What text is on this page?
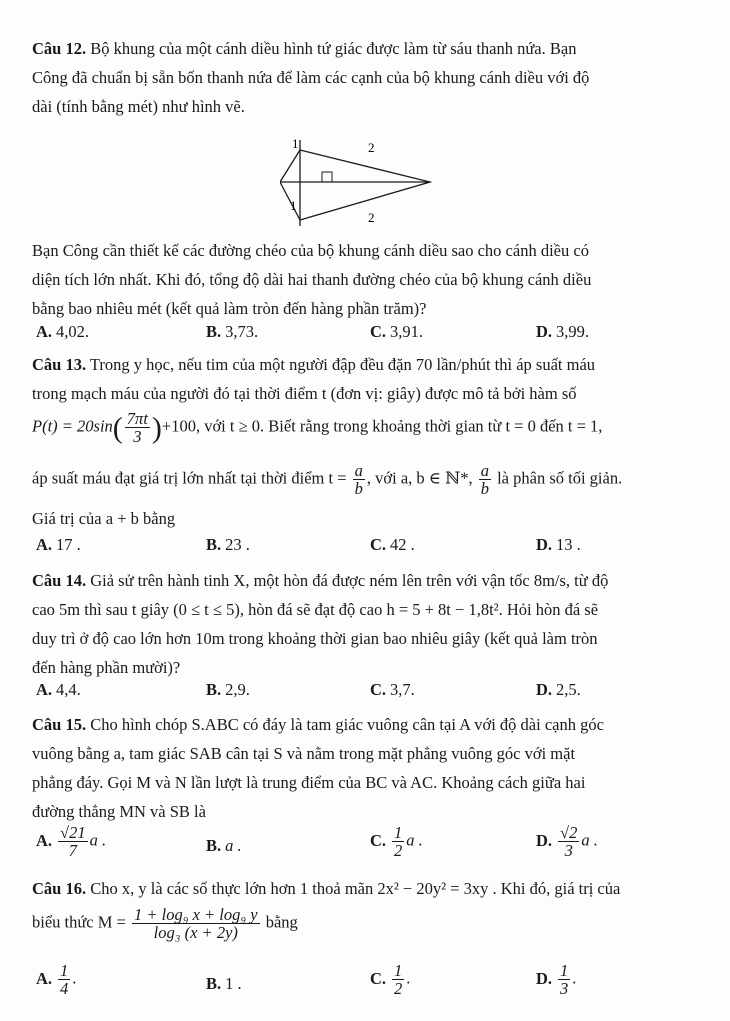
Câu 12. Bộ khung của một cánh diều hình tứ giác được làm từ sáu thanh nứa. Bạn
Công đã chuẩn bị sẵn bốn thanh nứa để làm các cạnh của bộ khung cánh diều với độ
dài (tính bằng mét) như hình vẽ.
1	2
1
2
Bạn Công cần thiết kế các đường chéo của bộ khung cánh diều sao cho cánh diều có
diện tích lớn nhất. Khi đó, tổng độ dài hai thanh đường chéo của bộ khung cánh diều
bằng bao nhiêu mét (kết quả làm tròn đến hàng phần trăm)?
A. 4,02.	B. 3,73.	C. 3,91.	D. 3,99.
Câu 13. Trong y học, nếu tim của một người đập đều đặn 70 lần/phút thì áp suất máu
trong mạch máu của người đó tại thời điểm t (đơn vị: giây) được mô tả bởi hàm số
$P(t) = 20\sin( \frac{7\pi t}{3} )+100$, với t ≥ 0. Biết rằng trong khoảng thời gian từ t = 0 đến t = 1,
áp suất máu đạt giá trị lớn nhất tại thời điểm $t = \frac{a}{b}$ , với a, b ∈ ℕ*, $\frac{a}{b}$ là phân số tối giản.
Giá trị của a + b bằng
A. 17 .	B. 23 .	C. 42 .	D. 13 .
Câu 14. Giả sử trên hành tinh X, một hòn đá được ném lên trên với vận tốc 8m/s, từ độ
cao 5m thì sau t giây (0 ≤ t ≤ 5), hòn đá sẽ đạt độ cao h = 5 + 8t − 1,8t². Hỏi hòn đá sẽ
duy trì ở độ cao lớn hơn 10m trong khoảng thời gian bao nhiêu giây (kết quả làm tròn
đến hàng phần mười)?
A. 4,4.	B. 2,9.	C. 3,7.	D. 2,5.
Câu 15. Cho hình chóp S.ABC có đáy là tam giác vuông cân tại A với độ dài cạnh góc
vuông bằng a, tam giác SAB cân tại S và nằm trong mặt phẳng vuông góc với mặt
phẳng đáy. Gọi M và N lần lượt là trung điểm của BC và AC. Khoảng cách giữa hai
đường thẳng MN và SB là
A. $\frac{√21}{7}$ a .	B. a .	C. $\frac{1}{2}$ a .	D. $\frac{√2}{3}$ a .
Câu 16. Cho x, y là các số thực lớn hơn 1 thoả mãn 2x² − 20y² = 3xy . Khi đó, giá trị của
biểu thức $M = \frac{\text{1 + log₉ x + log₉ y}}{\text{log₃ (x + 2y)}}$ bằng
A. $\frac{1}{4}$ .	B. 1 .	C. $\frac{1}{2}$ .	D. $\frac{1}{3}$ .
